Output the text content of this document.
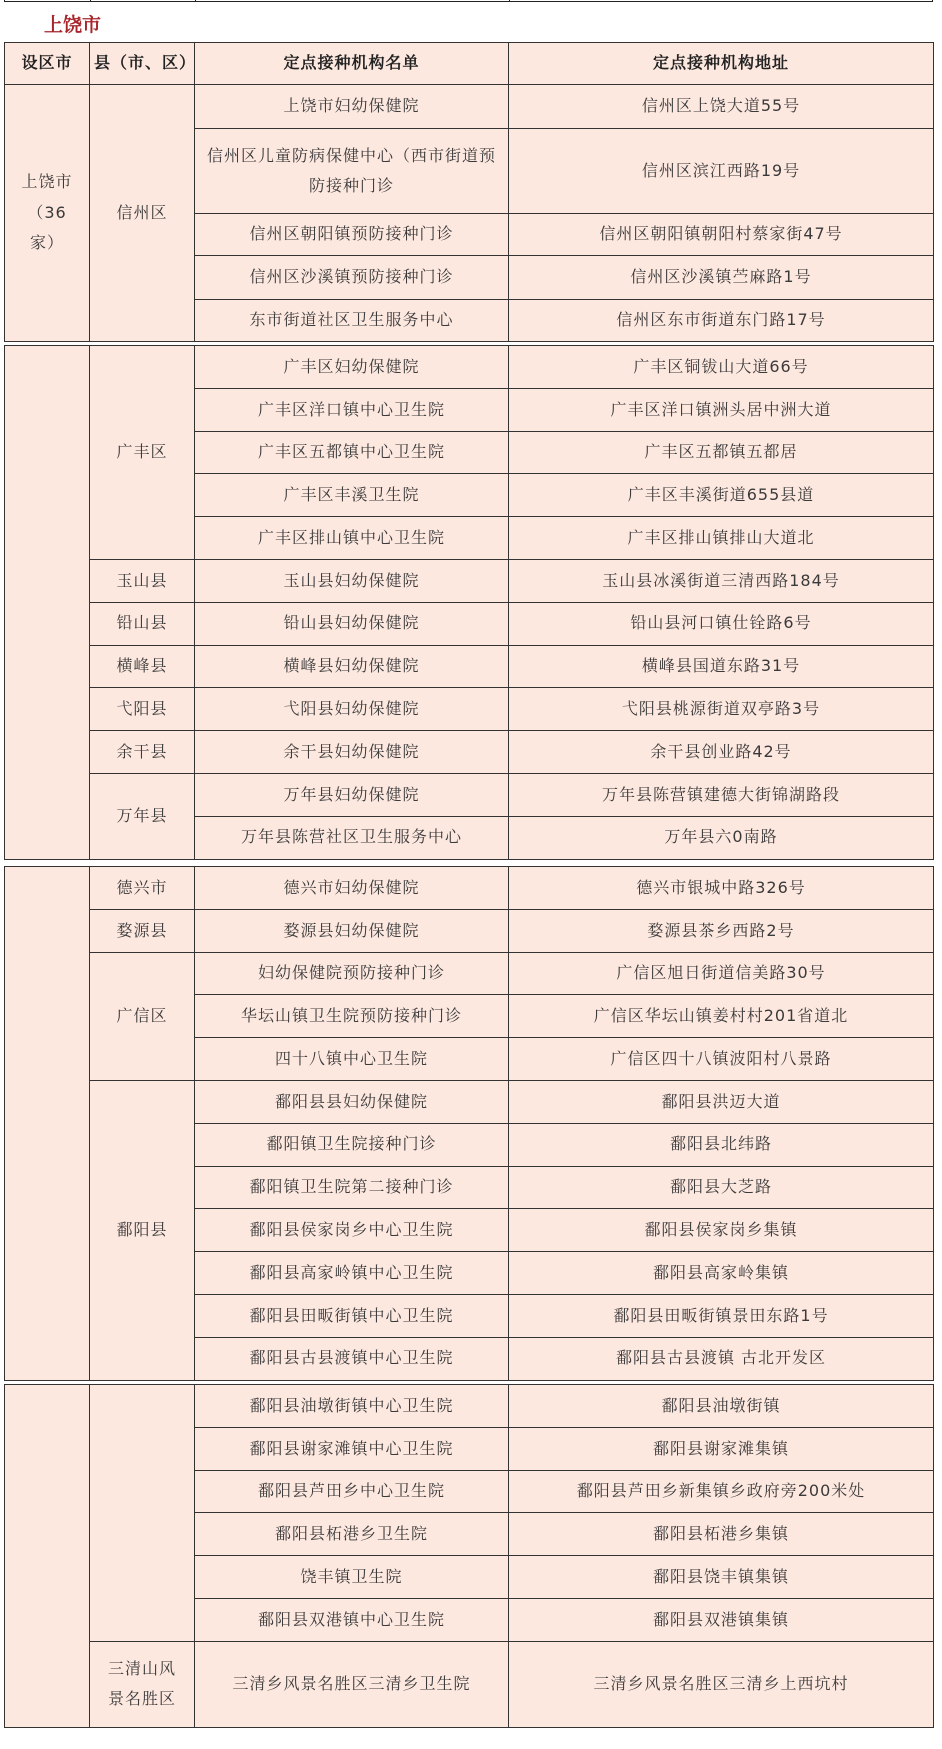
上饶市
设区市	县（市、区）	定点接种机构名单	定点接种机构地址
上饶市（36家）	信州区	上饶市妇幼保健院	信州区上饶大道55号
		信州区儿童防病保健中心（西市街道预防接种门诊	信州区滨江西路19号
		信州区朝阳镇预防接种门诊	信州区朝阳镇朝阳村蔡家街47号
		信州区沙溪镇预防接种门诊	信州区沙溪镇苎麻路1号
		东市街道社区卫生服务中心	信州区东市街道东门路17号
	广丰区	广丰区妇幼保健院	广丰区铜钹山大道66号
		广丰区洋口镇中心卫生院	广丰区洋口镇洲头居中洲大道
		广丰区五都镇中心卫生院	广丰区五都镇五都居
		广丰区丰溪卫生院	广丰区丰溪街道655县道
		广丰区排山镇中心卫生院	广丰区排山镇排山大道北
	玉山县	玉山县妇幼保健院	玉山县冰溪街道三清西路184号
	铅山县	铅山县妇幼保健院	铅山县河口镇仕铨路6号
	横峰县	横峰县妇幼保健院	横峰县国道东路31号
	弋阳县	弋阳县妇幼保健院	弋阳县桃源街道双亭路3号
	余干县	余干县妇幼保健院	余干县创业路42号
	万年县	万年县妇幼保健院	万年县陈营镇建德大街锦湖路段
		万年县陈营社区卫生服务中心	万年县六0南路
	德兴市	德兴市妇幼保健院	德兴市银城中路326号
	婺源县	婺源县妇幼保健院	婺源县茶乡西路2号
	广信区	妇幼保健院预防接种门诊	广信区旭日街道信美路30号
		华坛山镇卫生院预防接种门诊	广信区华坛山镇姜村村201省道北
		四十八镇中心卫生院	广信区四十八镇波阳村八景路
	鄱阳县	鄱阳县县妇幼保健院	鄱阳县洪迈大道
		鄱阳镇卫生院接种门诊	鄱阳县北纬路
		鄱阳镇卫生院第二接种门诊	鄱阳县大芝路
		鄱阳县侯家岗乡中心卫生院	鄱阳县侯家岗乡集镇
		鄱阳县高家岭镇中心卫生院	鄱阳县高家岭集镇
		鄱阳县田畈街镇中心卫生院	鄱阳县田畈街镇景田东路1号
		鄱阳县古县渡镇中心卫生院	鄱阳县古县渡镇 古北开发区
		鄱阳县油墩街镇中心卫生院	鄱阳县油墩街镇
		鄱阳县谢家滩镇中心卫生院	鄱阳县谢家滩集镇
		鄱阳县芦田乡中心卫生院	鄱阳县芦田乡新集镇乡政府旁200米处
		鄱阳县柘港乡卫生院	鄱阳县柘港乡集镇
		饶丰镇卫生院	鄱阳县饶丰镇集镇
		鄱阳县双港镇中心卫生院	鄱阳县双港镇集镇
	三清山风景名胜区	三清乡风景名胜区三清乡卫生院	三清乡风景名胜区三清乡上西坑村
